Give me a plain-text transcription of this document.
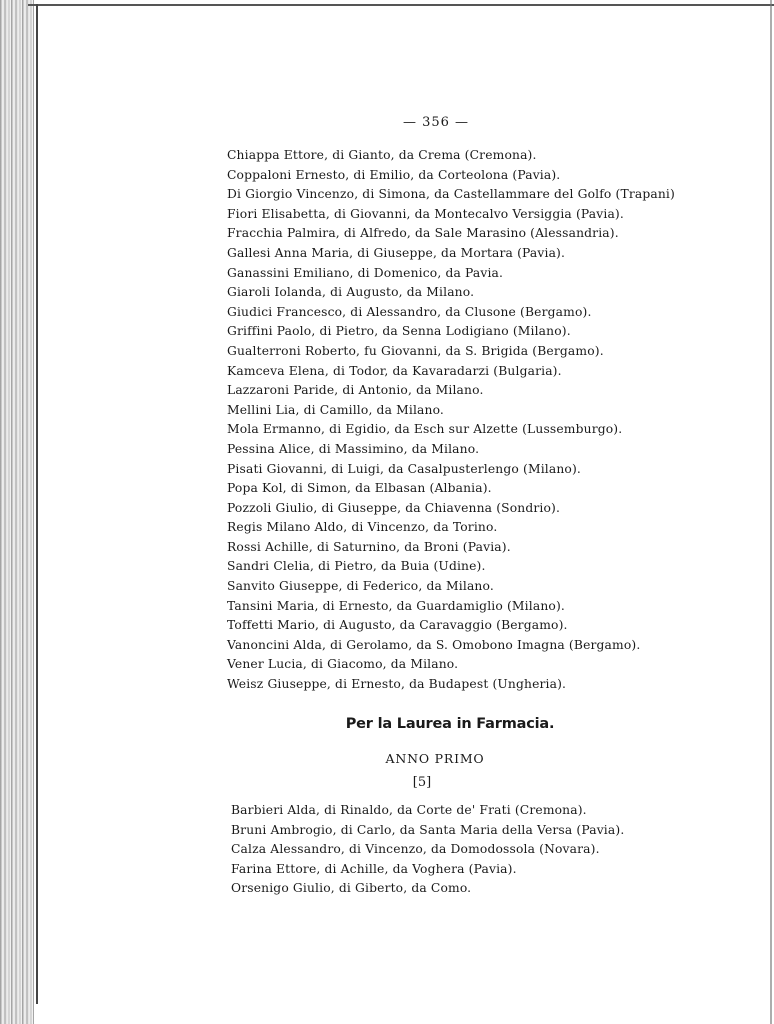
— 356 —
Chiappa Ettore, di Gianto, da Crema (Cremona).
Coppaloni Ernesto, di Emilio, da Corteolona (Pavia).
Di Giorgio Vincenzo, di Simona, da Castellammare del Golfo (Trapani)
Fiori Elisabetta, di Giovanni, da Montecalvo Versiggia (Pavia).
Fracchia Palmira, di Alfredo, da Sale Marasino (Alessandria).
Gallesi Anna Maria, di Giuseppe, da Mortara (Pavia).
Ganassini Emiliano, di Domenico, da Pavia.
Giaroli Iolanda, di Augusto, da Milano.
Giudici Francesco, di Alessandro, da Clusone (Bergamo).
Griffini Paolo, di Pietro, da Senna Lodigiano (Milano).
Gualterroni Roberto, fu Giovanni, da S. Brigida (Bergamo).
Kamceva Elena, di Todor, da Kavaradarzi (Bulgaria).
Lazzaroni Paride, di Antonio, da Milano.
Mellini Lia, di Camillo, da Milano.
Mola Ermanno, di Egidio, da Esch sur Alzette (Lussemburgo).
Pessina Alice, di Massimino, da Milano.
Pisati Giovanni, di Luigi, da Casalpusterlengo (Milano).
Popa Kol, di Simon, da Elbasan (Albania).
Pozzoli Giulio, di Giuseppe, da Chiavenna (Sondrio).
Regis Milano Aldo, di Vincenzo, da Torino.
Rossi Achille, di Saturnino, da Broni (Pavia).
Sandri Clelia, di Pietro, da Buia (Udine).
Sanvito Giuseppe, di Federico, da Milano.
Tansini Maria, di Ernesto, da Guardamiglio (Milano).
Toffetti Mario, di Augusto, da Caravaggio (Bergamo).
Vanoncini Alda, di Gerolamo, da S. Omobono Imagna (Bergamo).
Vener Lucia, di Giacomo, da Milano.
Weisz Giuseppe, di Ernesto, da Budapest (Ungheria).
Per la Laurea in Farmacia.
ANNO PRIMO
[5]
Barbieri Alda, di Rinaldo, da Corte de' Frati (Cremona).
Bruni Ambrogio, di Carlo, da Santa Maria della Versa (Pavia).
Calza Alessandro, di Vincenzo, da Domodossola (Novara).
Farina Ettore, di Achille, da Voghera (Pavia).
Orsenigo Giulio, di Giberto, da Como.
